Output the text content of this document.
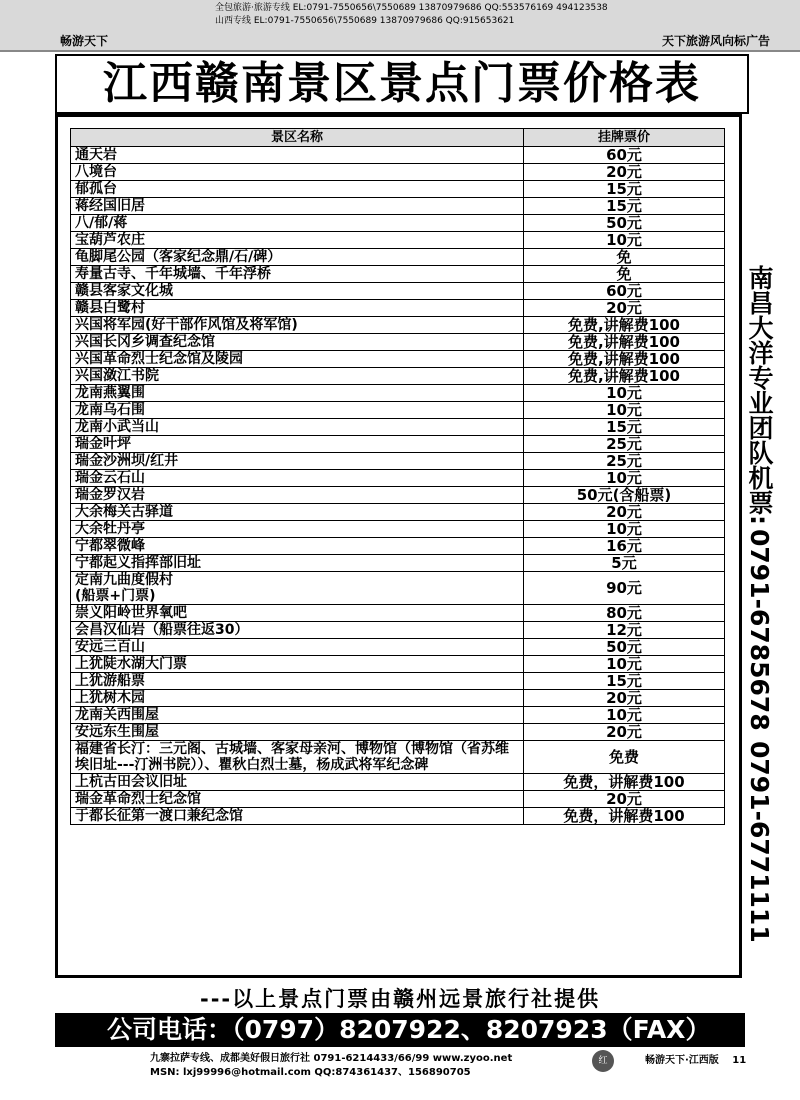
全包旅游·旅游专线 EL:0791-7550656\7550689 13870979686 QQ:553576169 494123538
山西专线 EL:0791-7550656\7550689 13870979686 QQ:915653621
畅游天下	天下旅游风向标广告
江西赣南景区景点门票价格表
景区名称	挂牌票价
通天岩	60元
八境台	20元
郁孤台	15元
蒋经国旧居	15元
八/郁/蒋	50元
宝葫芦农庄	10元
龟脚尾公园（客家纪念鼎/石/碑）	免
寿量古寺、千年城墙、千年浮桥	免
赣县客家文化城	60元
赣县白鹭村	20元
兴国将军园(好干部作风馆及将军馆)	免费,讲解费100
兴国长冈乡调查纪念馆	免费,讲解费100
兴国革命烈士纪念馆及陵园	免费,讲解费100
兴国潋江书院	免费,讲解费100
龙南燕翼围	10元
龙南乌石围	10元
龙南小武当山	15元
瑞金叶坪	25元
瑞金沙洲坝/红井	25元
瑞金云石山	10元
瑞金罗汉岩	50元(含船票)
大余梅关古驿道	20元
大余牡丹亭	10元
宁都翠微峰	16元
宁都起义指挥部旧址	5元
定南九曲度假村
(船票+门票)	90元
崇义阳岭世界氧吧	80元
会昌汉仙岩（船票往返30）	12元
安远三百山	50元
上犹陡水湖大门票	10元
上犹游船票	15元
上犹树木园	20元
龙南关西围屋	10元
安远东生围屋	20元
福建省长汀：三元阁、古城墙、客家母亲河、博物馆（博物馆（省苏维埃旧址---汀洲书院））、瞿秋白烈士墓，杨成武将军纪念碑	免费
上杭古田会议旧址	免费，讲解费100
瑞金革命烈士纪念馆	20元
于都长征第一渡口兼纪念馆	免费，讲解费100
南昌大洋专业团队机票:
0791-6785678
0791-6771111
---以上景点门票由赣州远景旅行社提供
公司电话：（0797）8207922、8207923（FAX）
九寨拉萨专线、成都美好假日旅行社 0791-6214433/66/99 www.zyoo.net
MSN: lxj99996@hotmail.com QQ:874361437、156890705
畅游天下·江西版 11
红
